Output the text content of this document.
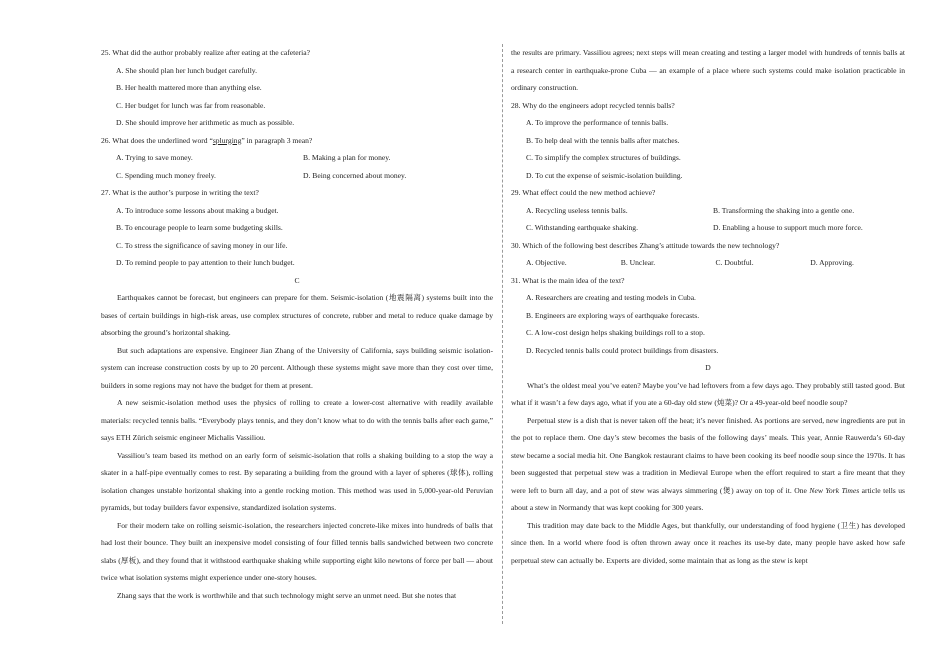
25. What did the author probably realize after eating at the cafeteria?
A. She should plan her lunch budget carefully.
B. Her health mattered more than anything else.
C. Her budget for lunch was far from reasonable.
D. She should improve her arithmetic as much as possible.
26. What does the underlined word “splurging” in paragraph 3 mean?
A. Trying to save money.	B. Making a plan for money.
C. Spending much money freely.	D. Being concerned about money.
27. What is the author’s purpose in writing the text?
A. To introduce some lessons about making a budget.
B. To encourage people to learn some budgeting skills.
C. To stress the significance of saving money in our life.
D. To remind people to pay attention to their lunch budget.
C

Earthquakes cannot be forecast, but engineers can prepare for them. Seismic-isolation (地震隔离) systems built into the bases of certain buildings in high-risk areas, use complex structures of concrete, rubber and metal to reduce quake damage by absorbing the ground’s horizontal shaking.

But such adaptations are expensive. Engineer Jian Zhang of the University of California, says building seismic isolation-system can increase construction costs by up to 20 percent. Although these systems might save more than they cost over time, builders in some regions may not have the budget for them at present.

A new seismic-isolation method uses the physics of rolling to create a lower-cost alternative with readily available materials: recycled tennis balls. “Everybody plays tennis, and they don’t know what to do with the tennis balls after each game,” says ETH Zürich seismic engineer Michalis Vassiliou.

Vassiliou’s team based its method on an early form of seismic-isolation that rolls a shaking building to a stop the way a skater in a half-pipe eventually comes to rest. By separating a building from the ground with a layer of spheres (球体), rolling isolation changes unstable horizontal shaking into a gentle rocking motion. This method was used in 5,000-year-old Peruvian pyramids, but today builders favor expensive, standardized isolation systems.

For their modern take on rolling seismic-isolation, the researchers injected concrete-like mixes into hundreds of balls that had lost their bounce. They built an inexpensive model consisting of four filled tennis balls sandwiched between two concrete slabs (厚板), and they found that it withstood earthquake shaking while supporting eight kilo newtons of force per ball — about twice what isolation systems might experience under one-story houses.

Zhang says that the work is worthwhile and that such technology might serve an unmet need. But she notes that

the results are primary. Vassiliou agrees; next steps will mean creating and testing a larger model with hundreds of tennis balls at a research center in earthquake-prone Cuba — an example of a place where such systems could make isolation practicable in ordinary construction.

28. Why do the engineers adopt recycled tennis balls?
A. To improve the performance of tennis balls.
B. To help deal with the tennis balls after matches.
C. To simplify the complex structures of buildings.
D. To cut the expense of seismic-isolation building.
29. What effect could the new method achieve?
A. Recycling useless tennis balls.	B. Transforming the shaking into a gentle one.
C. Withstanding earthquake shaking.	D. Enabling a house to support much more force.
30. Which of the following best describes Zhang’s attitude towards the new technology?
A. Objective.	B. Unclear.	C. Doubtful.	D. Approving.
31. What is the main idea of the text?
A. Researchers are creating and testing models in Cuba.
B. Engineers are exploring ways of earthquake forecasts.
C. A low-cost design helps shaking buildings roll to a stop.
D. Recycled tennis balls could protect buildings from disasters.
D

What’s the oldest meal you’ve eaten? Maybe you’ve had leftovers from a few days ago. They probably still tasted good. But what if it wasn’t a few days ago, what if you ate a 60-day old stew (炖菜)? Or a 49-year-old beef noodle soup?

Perpetual stew is a dish that is never taken off the heat; it’s never finished. As portions are served, new ingredients are put in the pot to replace them. One day’s stew becomes the basis of the following days’ meals. This year, Annie Rauwerda’s 60-day stew became a social media hit. One Bangkok restaurant claims to have been cooking its beef noodle soup since the 1970s. It has been suggested that perpetual stew was a tradition in Medieval Europe when the effort required to start a fire meant that they were left to burn all day, and a pot of stew was always simmering (煲) away on top of it. One New York Times article tells us about a stew in Normandy that was kept cooking for 300 years.

This tradition may date back to the Middle Ages, but thankfully, our understanding of food hygiene (卫生) has developed since then. In a world where food is often thrown away once it reaches its use-by date, many people have asked how safe perpetual stew can actually be. Experts are divided, some maintain that as long as the stew is kept
